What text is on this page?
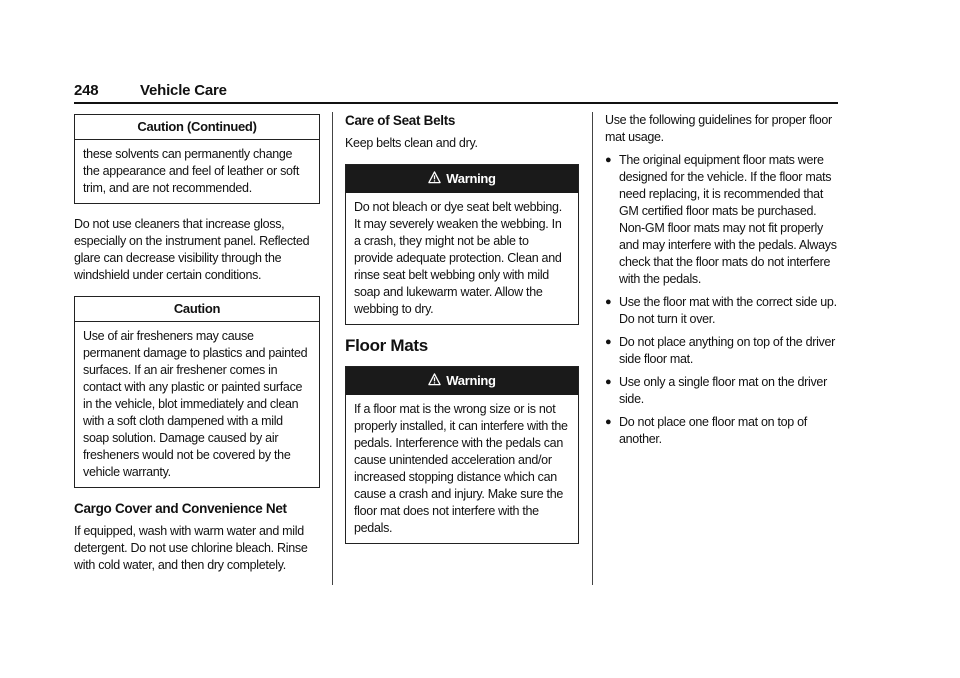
248	Vehicle Care
Caution (Continued)
these solvents can permanently change the appearance and feel of leather or soft trim, and are not recommended.

Do not use cleaners that increase gloss, especially on the instrument panel. Reflected glare can decrease visibility through the windshield under certain conditions.

Caution
Use of air fresheners may cause permanent damage to plastics and painted surfaces. If an air freshener comes in contact with any plastic or painted surface in the vehicle, blot immediately and clean with a soft cloth dampened with a mild soap solution. Damage caused by air fresheners would not be covered by the vehicle warranty.
Cargo Cover and Convenience Net

If equipped, wash with warm water and mild detergent. Do not use chlorine bleach. Rinse with cold water, and then dry completely.

Care of Seat Belts

Keep belts clean and dry.

Warning
Do not bleach or dye seat belt webbing. It may severely weaken the webbing. In a crash, they might not be able to provide adequate protection. Clean and rinse seat belt webbing only with mild soap and lukewarm water. Allow the webbing to dry.
Floor Mats
Warning
If a floor mat is the wrong size or is not properly installed, it can interfere with the pedals. Interference with the pedals can cause unintended acceleration and/or increased stopping distance which can cause a crash and injury. Make sure the floor mat does not interfere with the pedals.

Use the following guidelines for proper floor mat usage.

● The original equipment floor mats were designed for the vehicle. If the floor mats need replacing, it is recommended that GM certified floor mats be purchased. Non-GM floor mats may not fit properly and may interfere with the pedals. Always check that the floor mats do not interfere with the pedals.
● Use the floor mat with the correct side up. Do not turn it over.
● Do not place anything on top of the driver side floor mat.
● Use only a single floor mat on the driver side.
● Do not place one floor mat on top of another.
